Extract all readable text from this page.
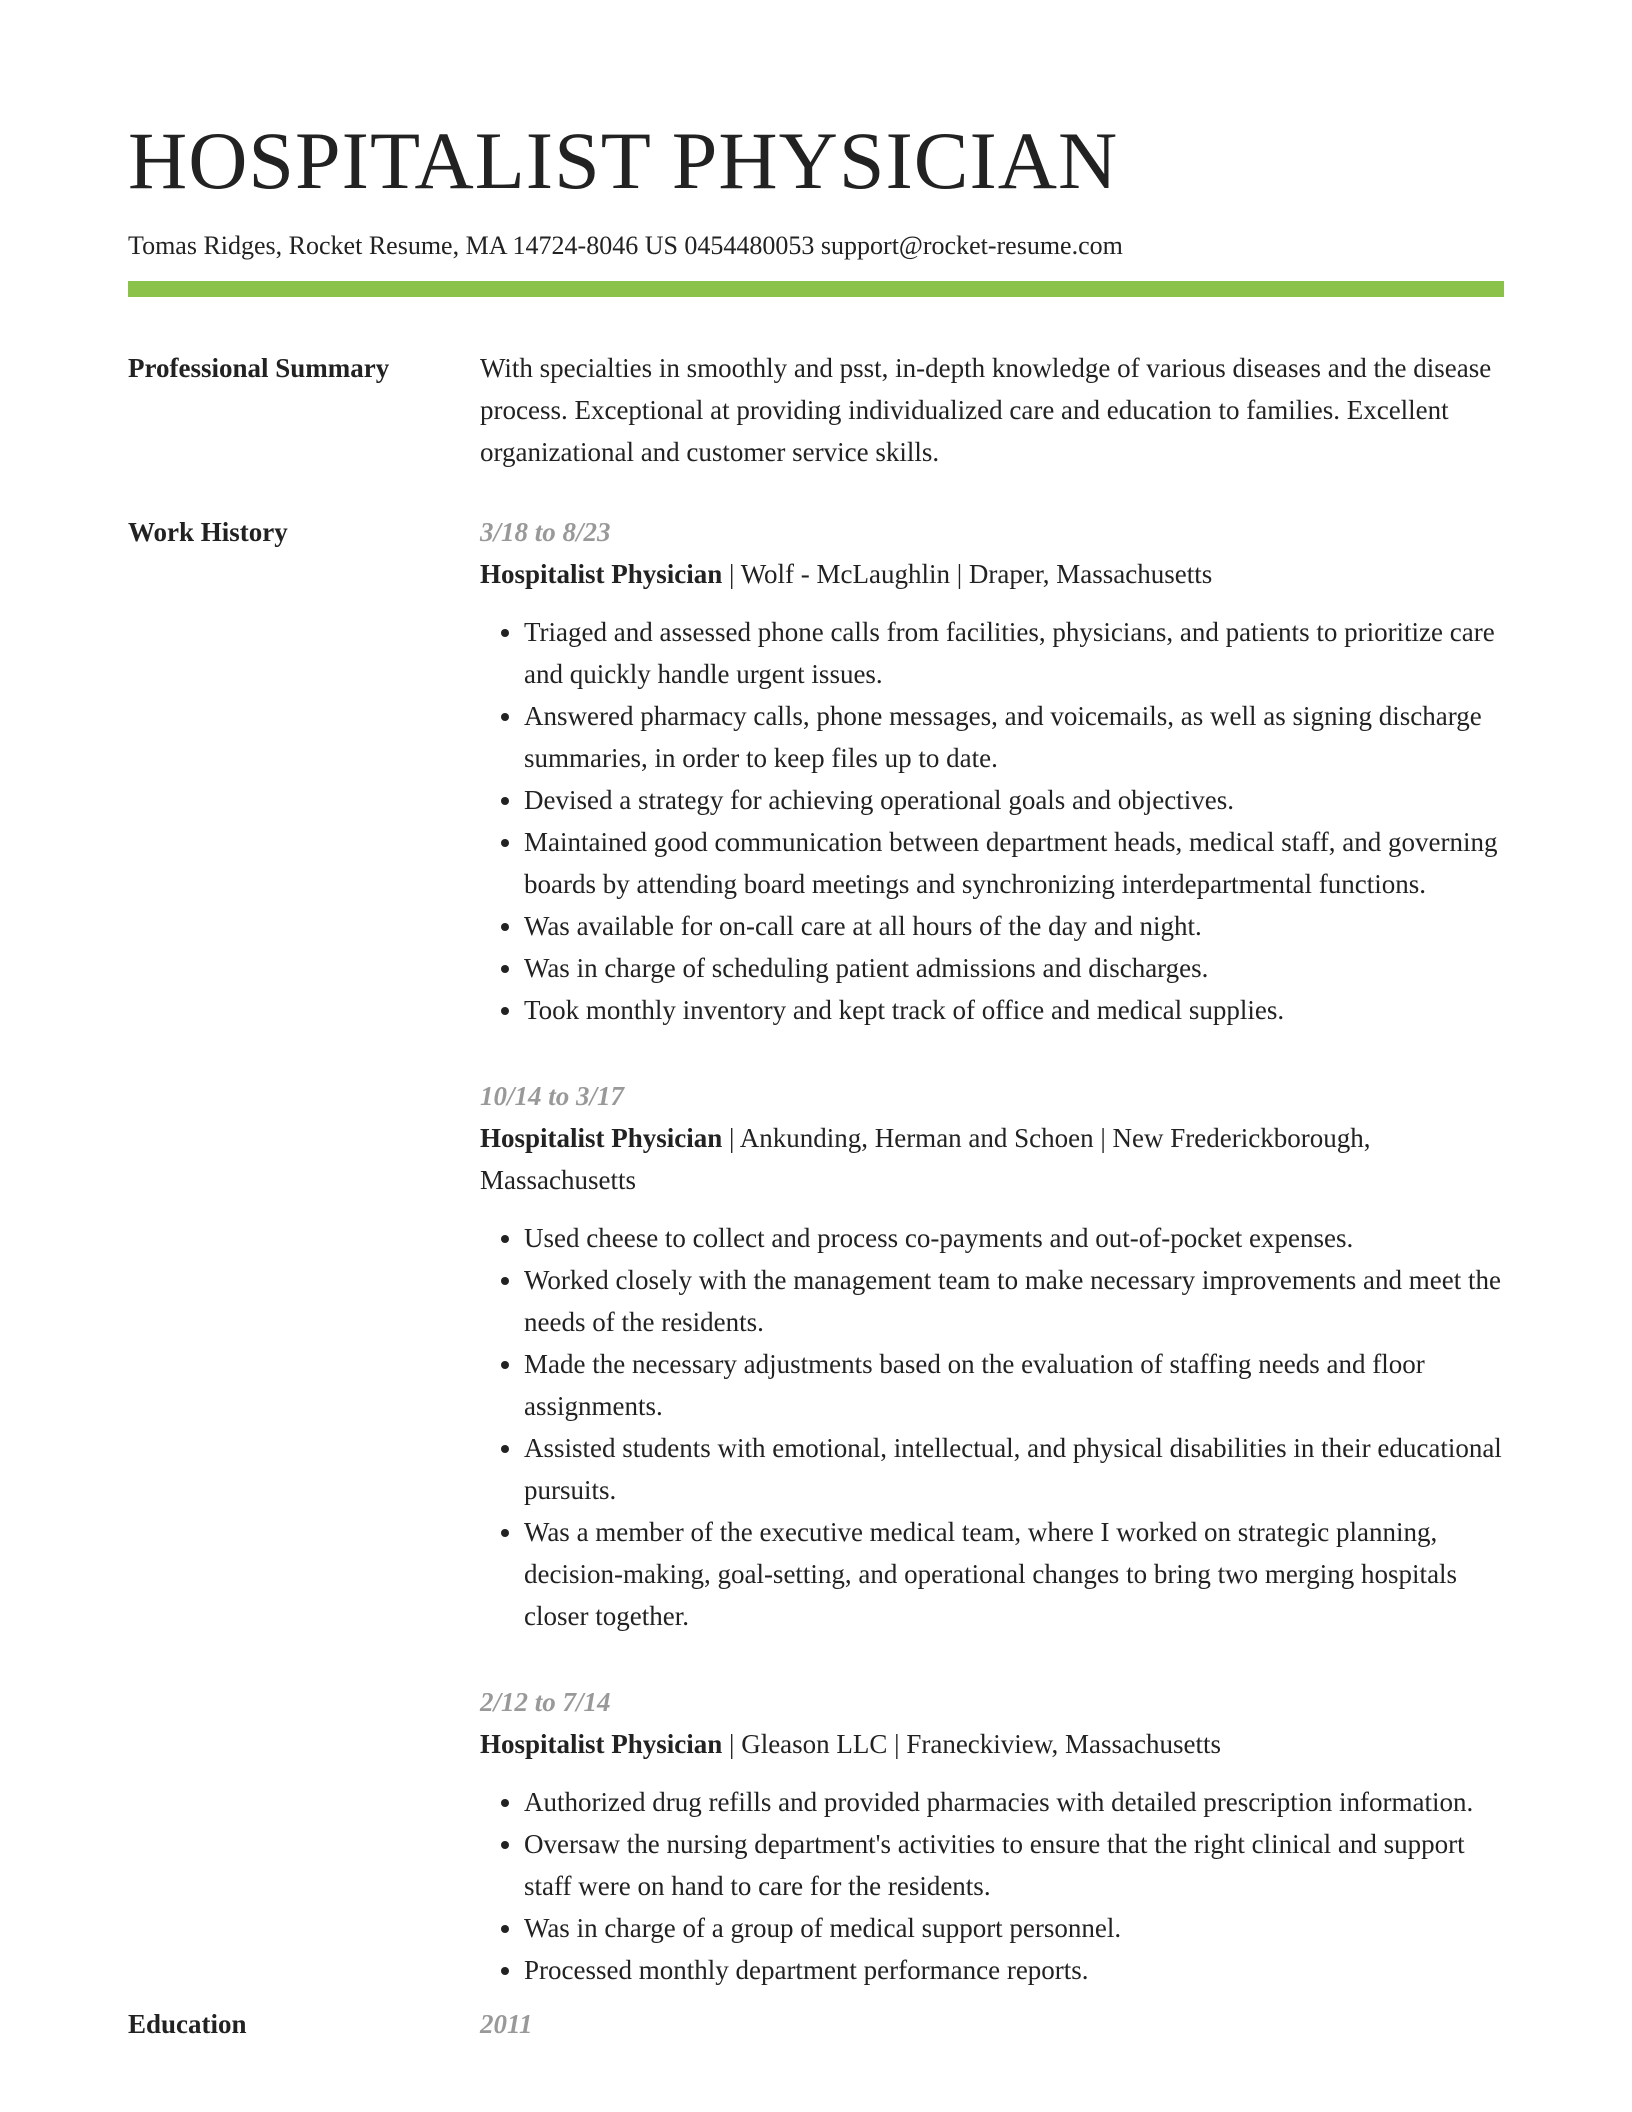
HOSPITALIST PHYSICIAN
Tomas Ridges, Rocket Resume, MA 14724-8046 US 0454480053 support@rocket-resume.com
Professional Summary	With specialties in smoothly and psst, in-depth knowledge of various diseases and the disease process. Exceptional at providing individualized care and education to families. Excellent organizational and customer service skills.
Work History	3/18 to 8/23
Hospitalist Physician | Wolf - McLaughlin | Draper, Massachusetts
• Triaged and assessed phone calls from facilities, physicians, and patients to prioritize care and quickly handle urgent issues.
• Answered pharmacy calls, phone messages, and voicemails, as well as signing discharge summaries, in order to keep files up to date.
• Devised a strategy for achieving operational goals and objectives.
• Maintained good communication between department heads, medical staff, and governing boards by attending board meetings and synchronizing interdepartmental functions.
• Was available for on-call care at all hours of the day and night.
• Was in charge of scheduling patient admissions and discharges.
• Took monthly inventory and kept track of office and medical supplies.
10/14 to 3/17
Hospitalist Physician | Ankunding, Herman and Schoen | New Frederickborough, Massachusetts
• Used cheese to collect and process co-payments and out-of-pocket expenses.
• Worked closely with the management team to make necessary improvements and meet the needs of the residents.
• Made the necessary adjustments based on the evaluation of staffing needs and floor assignments.
• Assisted students with emotional, intellectual, and physical disabilities in their educational pursuits.
• Was a member of the executive medical team, where I worked on strategic planning, decision-making, goal-setting, and operational changes to bring two merging hospitals closer together.
2/12 to 7/14
Hospitalist Physician | Gleason LLC | Franeckiview, Massachusetts
• Authorized drug refills and provided pharmacies with detailed prescription information.
• Oversaw the nursing department's activities to ensure that the right clinical and support staff were on hand to care for the residents.
• Was in charge of a group of medical support personnel.
• Processed monthly department performance reports.
Education	2011
